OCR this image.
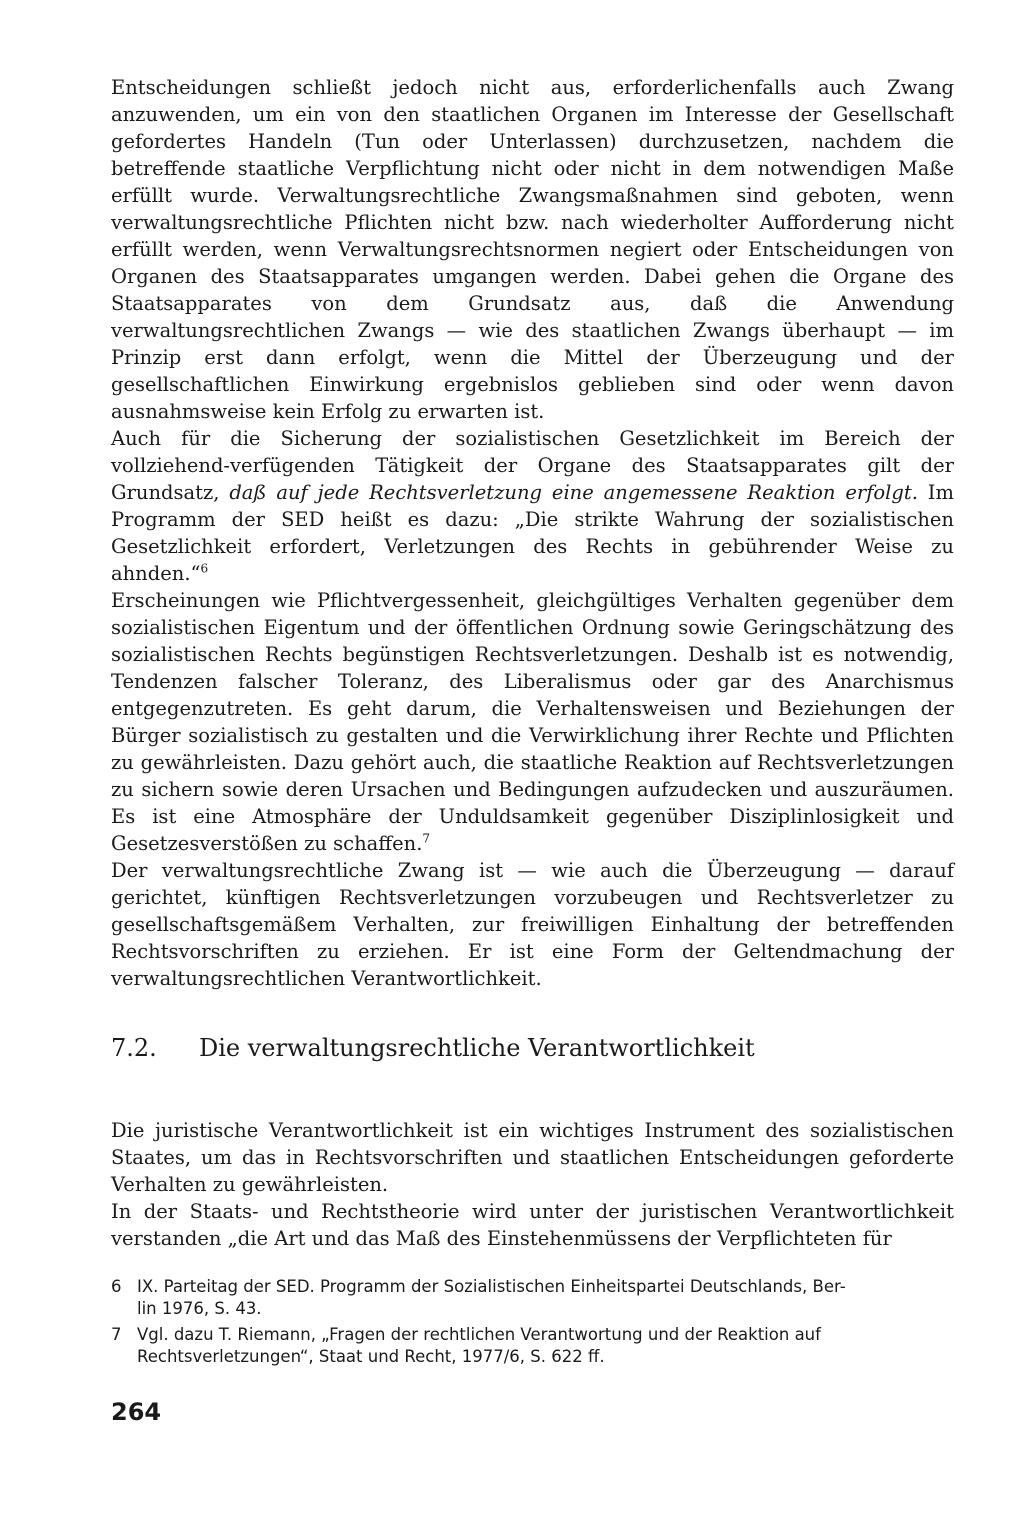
Entscheidungen schließt jedoch nicht aus, erforderlichenfalls auch Zwang anzuwenden, um ein von den staatlichen Organen im Interesse der Gesellschaft gefordertes Handeln (Tun oder Unterlassen) durchzusetzen, nachdem die betreffende staatliche Verpflichtung nicht oder nicht in dem notwendigen Maße erfüllt wurde. Verwaltungsrechtliche Zwangsmaßnahmen sind geboten, wenn verwaltungsrechtliche Pflichten nicht bzw. nach wiederholter Aufforderung nicht erfüllt werden, wenn Verwaltungsrechtsnormen negiert oder Entscheidungen von Organen des Staatsapparates umgangen werden. Dabei gehen die Organe des Staatsapparates von dem Grundsatz aus, daß die Anwendung verwaltungsrechtlichen Zwangs — wie des staatlichen Zwangs überhaupt — im Prinzip erst dann erfolgt, wenn die Mittel der Überzeugung und der gesellschaftlichen Einwirkung ergebnislos geblieben sind oder wenn davon ausnahmsweise kein Erfolg zu erwarten ist.

Auch für die Sicherung der sozialistischen Gesetzlichkeit im Bereich der vollziehend-verfügenden Tätigkeit der Organe des Staatsapparates gilt der Grundsatz, daß auf jede Rechtsverletzung eine angemessene Reaktion erfolgt. Im Programm der SED heißt es dazu: „Die strikte Wahrung der sozialistischen Gesetzlichkeit erfordert, Verletzungen des Rechts in gebührender Weise zu ahnden.“$^6$

Erscheinungen wie Pflichtvergessenheit, gleichgültiges Verhalten gegenüber dem sozialistischen Eigentum und der öffentlichen Ordnung sowie Geringschätzung des sozialistischen Rechts begünstigen Rechtsverletzungen. Deshalb ist es notwendig, Tendenzen falscher Toleranz, des Liberalismus oder gar des Anarchismus entgegenzutreten. Es geht darum, die Verhaltensweisen und Beziehungen der Bürger sozialistisch zu gestalten und die Verwirklichung ihrer Rechte und Pflichten zu gewährleisten. Dazu gehört auch, die staatliche Reaktion auf Rechtsverletzungen zu sichern sowie deren Ursachen und Bedingungen aufzudecken und auszuräumen. Es ist eine Atmosphäre der Unduldsamkeit gegenüber Disziplinlosigkeit und Gesetzesverstößen zu schaffen.$^7$

Der verwaltungsrechtliche Zwang ist — wie auch die Überzeugung — darauf gerichtet, künftigen Rechtsverletzungen vorzubeugen und Rechtsverletzer zu gesellschaftsgemäßem Verhalten, zur freiwilligen Einhaltung der betreffenden Rechtsvorschriften zu erziehen. Er ist eine Form der Geltendmachung der verwaltungsrechtlichen Verantwortlichkeit.

7.2. Die verwaltungsrechtliche Verantwortlichkeit

Die juristische Verantwortlichkeit ist ein wichtiges Instrument des sozialistischen Staates, um das in Rechtsvorschriften und staatlichen Entscheidungen geforderte Verhalten zu gewährleisten.

In der Staats- und Rechtstheorie wird unter der juristischen Verantwortlichkeit verstanden „die Art und das Maß des Einstehenmüssens der Verpflichteten für

6 IX. Parteitag der SED. Programm der Sozialistischen Einheitspartei Deutschlands, Ber-
lin 1976, S. 43.
7 Vgl. dazu T. Riemann, „Fragen der rechtlichen Verantwortung und der Reaktion auf
Rechtsverletzungen“, Staat und Recht, 1977/6, S. 622 ff.
264
